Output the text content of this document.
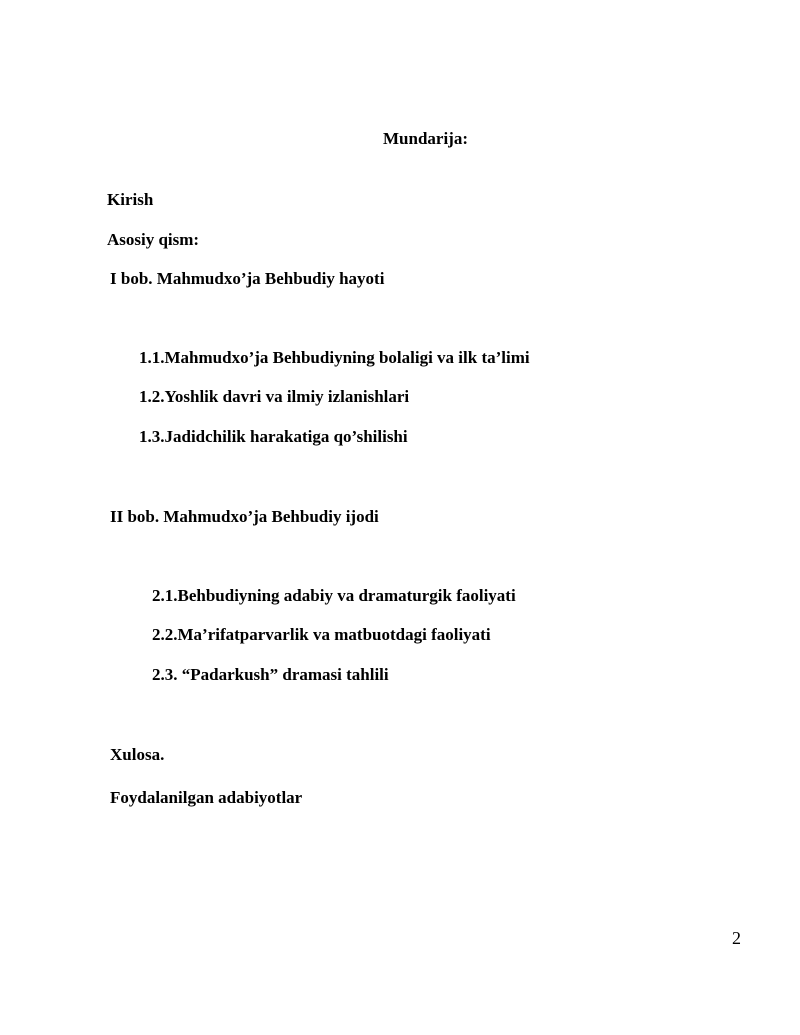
Mundarija:
Kirish
Asosiy qism:
I bob. Mahmudxo’ja Behbudiy hayoti
1.1.Mahmudxo’ja Behbudiyning bolaligi va ilk ta’limi
1.2.Yoshlik davri va ilmiy izlanishlari
1.3.Jadidchilik harakatiga qo’shilishi
II bob. Mahmudxo’ja Behbudiy ijodi
2.1.Behbudiyning adabiy va dramaturgik faoliyati
2.2.Ma’rifatparvarlik va matbuotdagi faoliyati
2.3. “Padarkush” dramasi tahlili
Xulosa.
Foydalanilgan adabiyotlar
2
